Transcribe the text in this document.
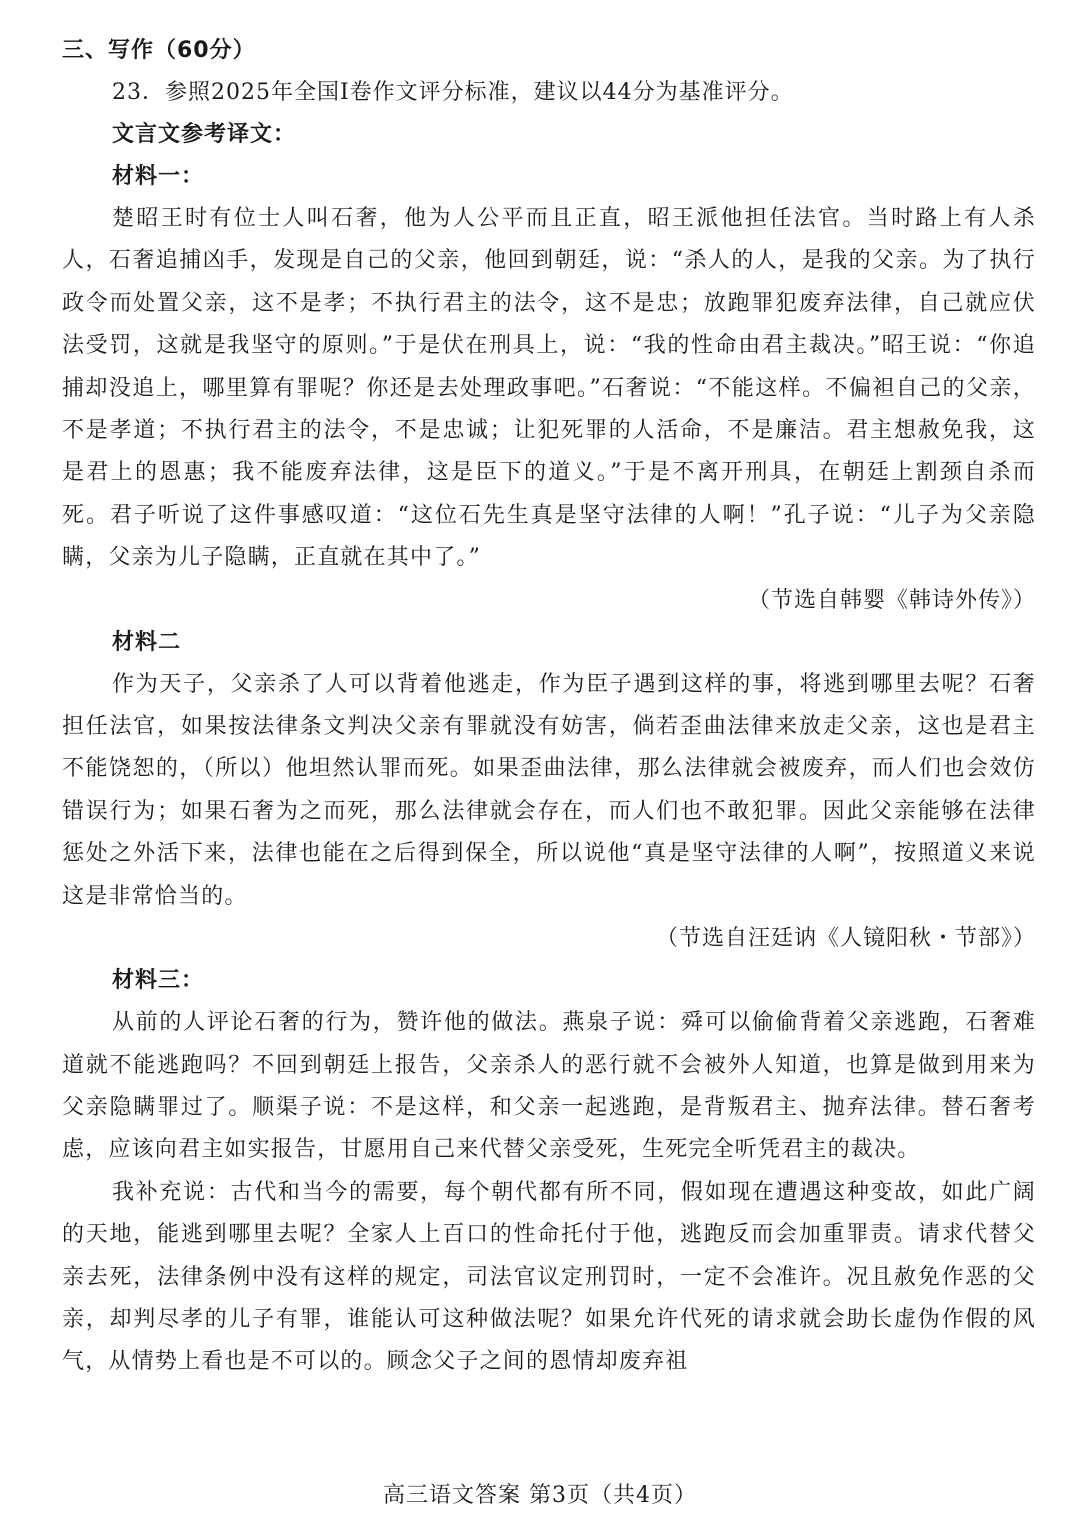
三、写作（60分）

23．参照2025年全国I卷作文评分标准，建议以44分为基准评分。

文言文参考译文：

材料一：

楚昭王时有位士人叫石奢，他为人公平而且正直，昭王派他担任法官。当时路上有人杀人，石奢追捕凶手，发现是自己的父亲，他回到朝廷，说：“杀人的人，是我的父亲。为了执行政令而处置父亲，这不是孝；不执行君主的法令，这不是忠；放跑罪犯废弃法律，自己就应伏法受罚，这就是我坚守的原则。”于是伏在刑具上，说：“我的性命由君主裁决。”昭王说：“你追捕却没追上，哪里算有罪呢？你还是去处理政事吧。”石奢说：“不能这样。不偏袒自己的父亲，不是孝道；不执行君主的法令，不是忠诚；让犯死罪的人活命，不是廉洁。君主想赦免我，这是君上的恩惠；我不能废弃法律，这是臣下的道义。”于是不离开刑具，在朝廷上割颈自杀而死。君子听说了这件事感叹道：“这位石先生真是坚守法律的人啊！”孔子说：“儿子为父亲隐瞒，父亲为儿子隐瞒，正直就在其中了。”

（节选自韩婴《韩诗外传》）

材料二

作为天子，父亲杀了人可以背着他逃走，作为臣子遇到这样的事，将逃到哪里去呢？石奢担任法官，如果按法律条文判决父亲有罪就没有妨害，倘若歪曲法律来放走父亲，这也是君主不能饶恕的，（所以）他坦然认罪而死。如果歪曲法律，那么法律就会被废弃，而人们也会效仿错误行为；如果石奢为之而死，那么法律就会存在，而人们也不敢犯罪。因此父亲能够在法律惩处之外活下来，法律也能在之后得到保全，所以说他“真是坚守法律的人啊”，按照道义来说这是非常恰当的。

（节选自汪廷讷《人镜阳秋・节部》）

材料三：

从前的人评论石奢的行为，赞许他的做法。燕泉子说：舜可以偷偷背着父亲逃跑，石奢难道就不能逃跑吗？不回到朝廷上报告，父亲杀人的恶行就不会被外人知道，也算是做到用来为父亲隐瞒罪过了。顺渠子说：不是这样，和父亲一起逃跑，是背叛君主、抛弃法律。替石奢考虑，应该向君主如实报告，甘愿用自己来代替父亲受死，生死完全听凭君主的裁决。

我补充说：古代和当今的需要，每个朝代都有所不同，假如现在遭遇这种变故，如此广阔的天地，能逃到哪里去呢？全家人上百口的性命托付于他，逃跑反而会加重罪责。请求代替父亲去死，法律条例中没有这样的规定，司法官议定刑罚时，一定不会准许。况且赦免作恶的父亲，却判尽孝的儿子有罪，谁能认可这种做法呢？如果允许代死的请求就会助长虚伪作假的风气，从情势上看也是不可以的。顾念父子之间的恩情却废弃祖

高三语文答案 第3页（共4页）
